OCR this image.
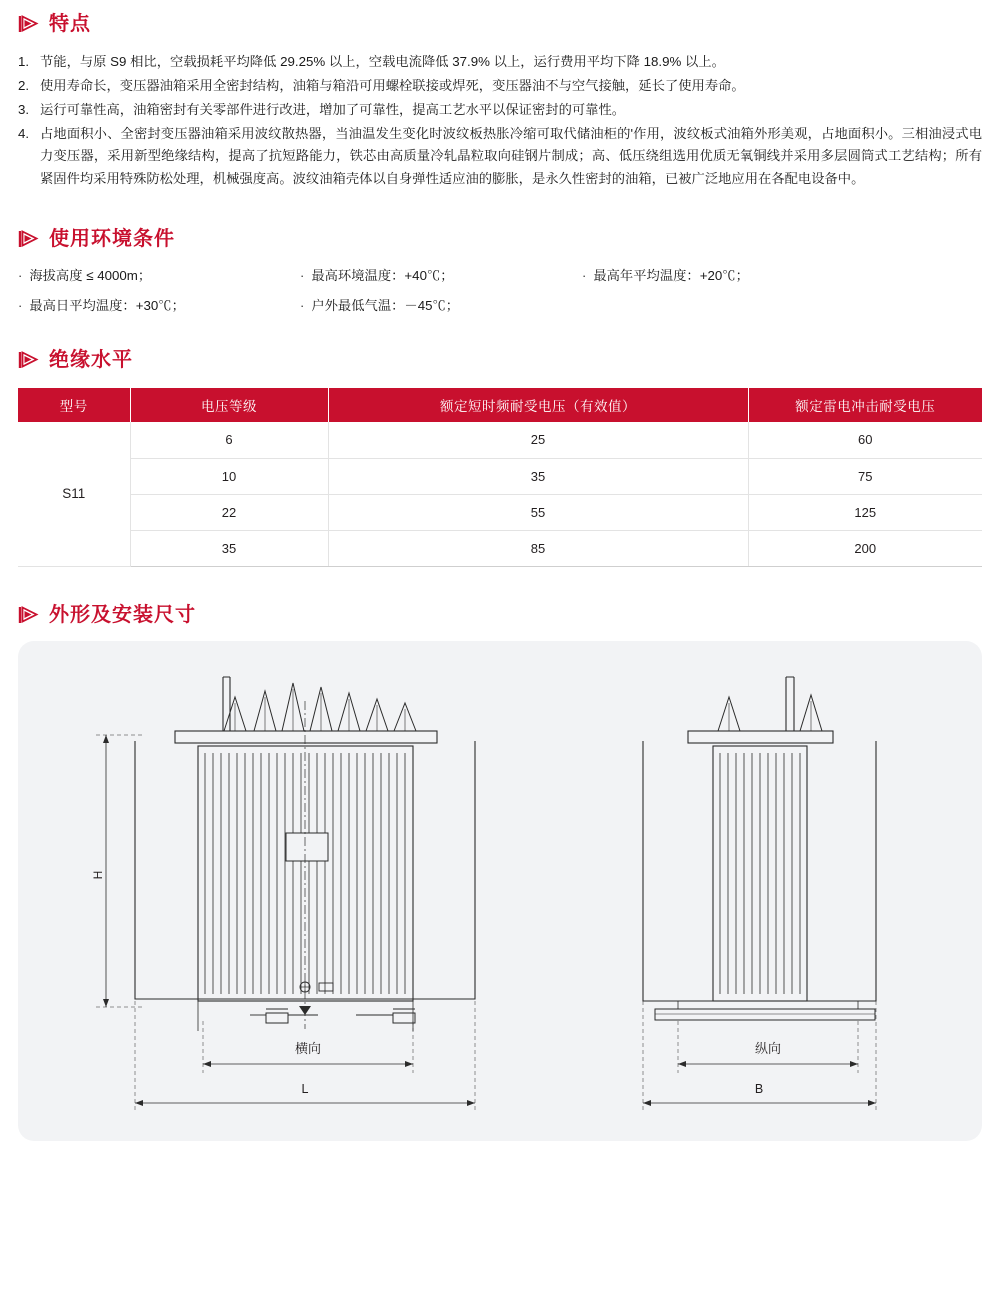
特点
1. 节能，与原 S9 相比，空载损耗平均降低 29.25% 以上，空载电流降低 37.9% 以上，运行费用平均下降 18.9% 以上。
2. 使用寿命长，变压器油箱采用全密封结构，油箱与箱沿可用螺栓联接或焊死，变压器油不与空气接触，延长了使用寿命。
3. 运行可靠性高，油箱密封有关零部件进行改进，增加了可靠性，提高工艺水平以保证密封的可靠性。
4. 占地面积小、全密封变压器油箱采用波纹散热器，当油温发生变化时波纹板热胀冷缩可取代储油柜的'作用，波纹板式油箱外形美观，占地面积小。三相油浸式电力变压器，采用新型绝缘结构，提高了抗短路能力，铁芯由高质量冷轧晶粒取向硅钢片制成；高、低压绕组选用优质无氧铜线并采用多层圆筒式工艺结构；所有紧固件均采用特殊防松处理，机械强度高。波纹油箱壳体以自身弹性适应油的膨胀，是永久性密封的油箱，已被广泛地应用在各配电设备中。
使用环境条件
· 海拔高度 ≤ 4000m；	· 最高环境温度：+40℃；	· 最高年平均温度：+20℃；
· 最高日平均温度：+30℃；	· 户外最低气温：－45℃；
绝缘水平
型号	电压等级	额定短时频耐受电压（有效值）	额定雷电冲击耐受电压
S11	6	25	60
	10	35	75
	22	55	125
	35	85	200
外形及安装尺寸
H
横向
L
纵向
B
